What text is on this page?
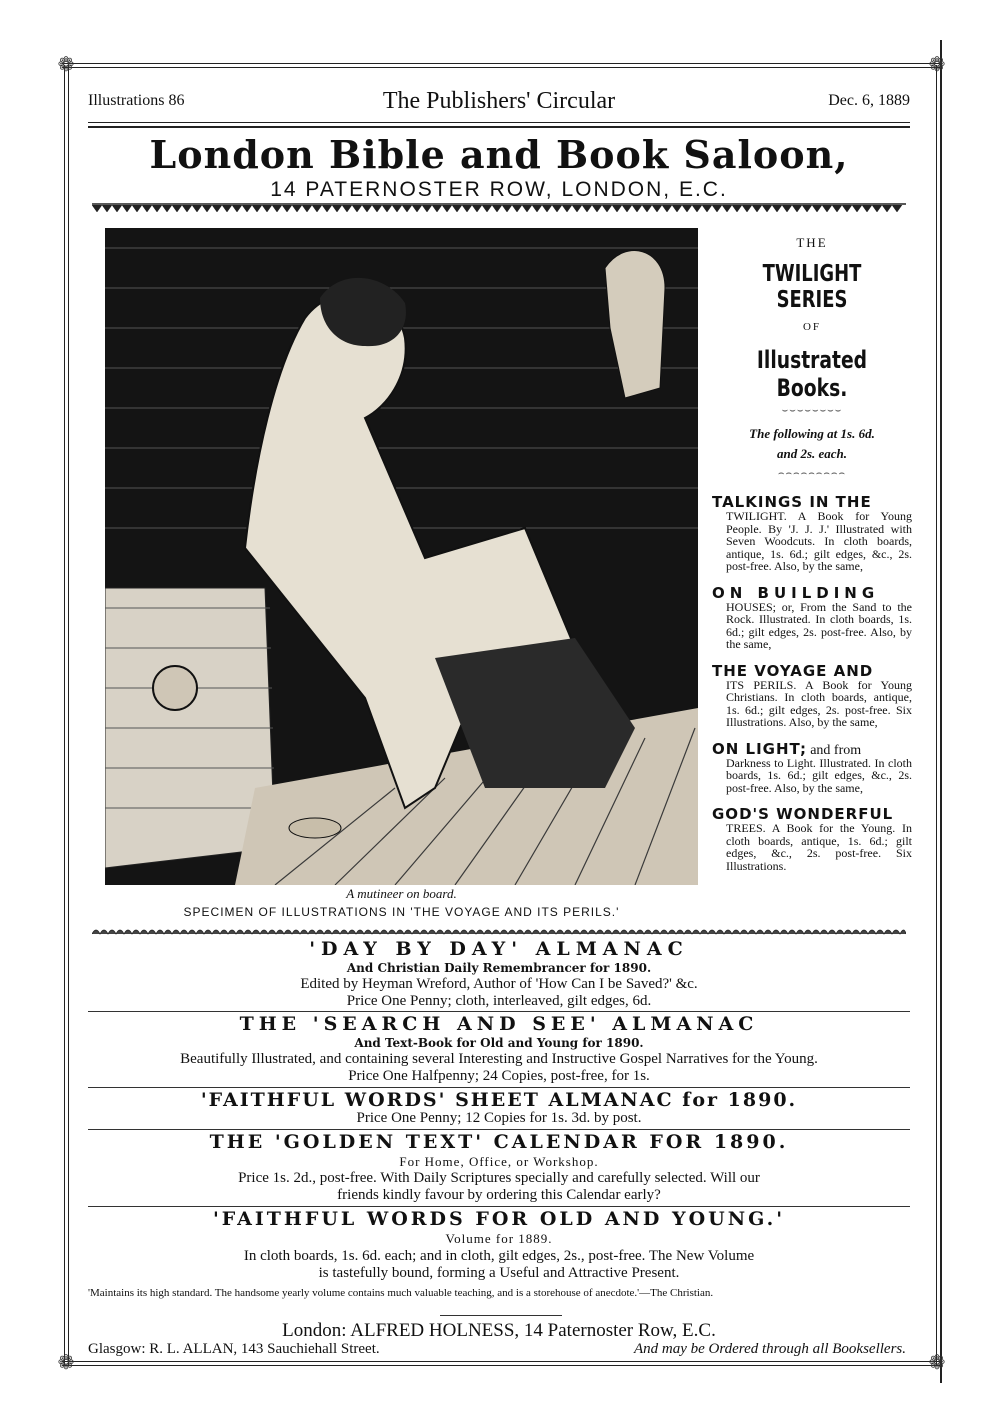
❁	❁
❁	❁
Illustrations 86	The Publishers' Circular	Dec. 6, 1889
London Bible and Book Saloon,
14 PATERNOSTER ROW, LONDON, E.C.
A mutineer on board.
SPECIMEN OF ILLUSTRATIONS IN 'THE VOYAGE AND ITS PERILS.'
THE
TWILIGHT SERIES
OF
Illustrated Books.
⌣⌣⌣⌣⌣⌣⌣⌣
The following at 1s. 6d.
and 2s. each.
⌢⌢⌢⌢⌢⌢⌢⌢⌢
TALKINGS IN THE
TWILIGHT. A Book for Young People. By 'J. J. J.' Illustrated with Seven Woodcuts. In cloth boards, antique, 1s. 6d.; gilt edges, &c., 2s. post-free. Also, by the same,
ON BUILDING
HOUSES; or, From the Sand to the Rock. Illustrated. In cloth boards, 1s. 6d.; gilt edges, 2s. post-free. Also, by the same,
THE VOYAGE AND
ITS PERILS. A Book for Young Christians. In cloth boards, antique, 1s. 6d.; gilt edges, 2s. post-free. Six Illustrations. Also, by the same,
ON LIGHT; and from
Darkness to Light. Illustrated. In cloth boards, 1s. 6d.; gilt edges, &c., 2s. post-free. Also, by the same,
GOD'S WONDERFUL
TREES. A Book for the Young. In cloth boards, antique, 1s. 6d.; gilt edges, &c., 2s. post-free. Six Illustrations.
'DAY BY DAY' ALMANAC
And Christian Daily Remembrancer for 1890.
Edited by Heyman Wreford, Author of 'How Can I be Saved?' &c.
Price One Penny; cloth, interleaved, gilt edges, 6d.
THE 'SEARCH AND SEE' ALMANAC
And Text-Book for Old and Young for 1890.
Beautifully Illustrated, and containing several Interesting and Instructive Gospel Narratives for the Young.
Price One Halfpenny; 24 Copies, post-free, for 1s.
'FAITHFUL WORDS' SHEET ALMANAC for 1890.
Price One Penny; 12 Copies for 1s. 3d. by post.
THE 'GOLDEN TEXT' CALENDAR FOR 1890.
For Home, Office, or Workshop.
Price 1s. 2d., post-free. With Daily Scriptures specially and carefully selected. Will our
friends kindly favour by ordering this Calendar early?
'FAITHFUL WORDS FOR OLD AND YOUNG.'
Volume for 1889.
In cloth boards, 1s. 6d. each; and in cloth, gilt edges, 2s., post-free. The New Volume
is tastefully bound, forming a Useful and Attractive Present.
'Maintains its high standard. The handsome yearly volume contains much valuable teaching, and is a storehouse of anecdote.'—The Christian.
London: ALFRED HOLNESS, 14 Paternoster Row, E.C.
Glasgow: R. L. ALLAN, 143 Sauchiehall Street.	And may be Ordered through all Booksellers.
